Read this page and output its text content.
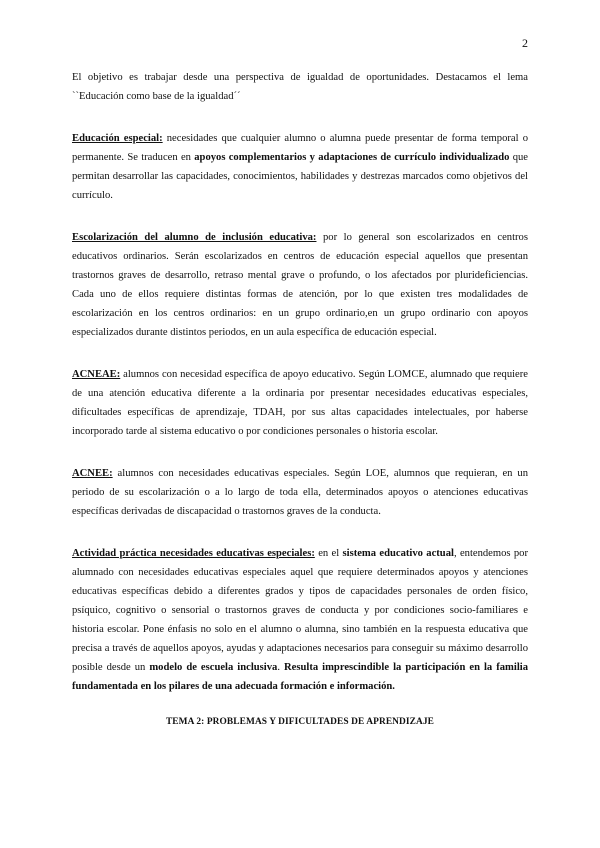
2

El objetivo es trabajar desde una perspectiva de igualdad de oportunidades. Destacamos el lema ``Educación como base de la igualdad´´

Educación especial: necesidades que cualquier alumno o alumna puede presentar de forma temporal o permanente. Se traducen en apoyos complementarios y adaptaciones de currículo individualizado que permitan desarrollar las capacidades, conocimientos, habilidades y destrezas marcados como objetivos del currículo.

Escolarización del alumno de inclusión educativa: por lo general son escolarizados en centros educativos ordinarios. Serán escolarizados en centros de educación especial aquellos que presentan trastornos graves de desarrollo, retraso mental grave o profundo, o los afectados por plurideficiencias. Cada uno de ellos requiere distintas formas de atención, por lo que existen tres modalidades de escolarización en los centros ordinarios: en un grupo ordinario,en un grupo ordinario con apoyos especializados durante distintos periodos, en un aula específica de educación especial.

ACNEAE: alumnos con necesidad específica de apoyo educativo. Según LOMCE, alumnado que requiere de una atención educativa diferente a la ordinaria por presentar necesidades educativas especiales, dificultades específicas de aprendizaje, TDAH, por sus altas capacidades intelectuales, por haberse incorporado tarde al sistema educativo o por condiciones personales o historia escolar.

ACNEE: alumnos con necesidades educativas especiales. Según LOE, alumnos que requieran, en un periodo de su escolarización o a lo largo de toda ella, determinados apoyos o atenciones educativas específicas derivadas de discapacidad o trastornos graves de la conducta.

Actividad práctica necesidades educativas especiales: en el sistema educativo actual, entendemos por alumnado con necesidades educativas especiales aquel que requiere determinados apoyos y atenciones educativas específicas debido a diferentes grados y tipos de capacidades personales de orden físico, psíquico, cognitivo o sensorial o trastornos graves de conducta y por condiciones socio-familiares e historia escolar. Pone énfasis no solo en el alumno o alumna, sino también en la respuesta educativa que precisa a través de aquellos apoyos, ayudas y adaptaciones necesarios para conseguir su máximo desarrollo posible desde un modelo de escuela inclusiva. Resulta imprescindible la participación en la familia fundamentada en los pilares de una adecuada formación e información.

TEMA 2: PROBLEMAS Y DIFICULTADES DE APRENDIZAJE
